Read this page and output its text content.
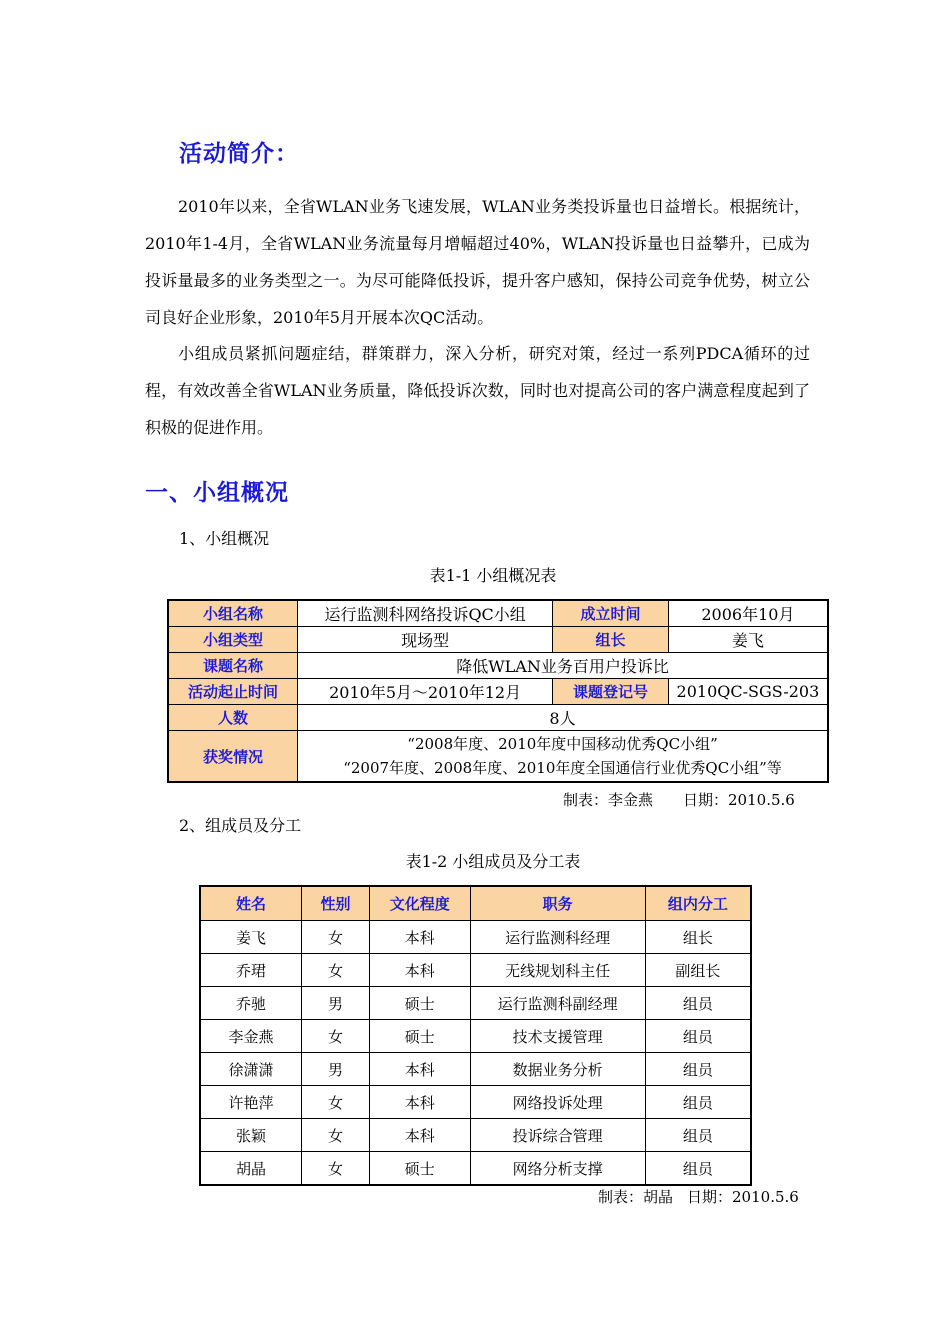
活动简介：
2010年以来，全省WLAN业务飞速发展，WLAN业务类投诉量也日益增长。根据统计，2010年1-4月，全省WLAN业务流量每月增幅超过40%，WLAN投诉量也日益攀升，已成为投诉量最多的业务类型之一。为尽可能降低投诉，提升客户感知，保持公司竞争优势，树立公司良好企业形象，2010年5月开展本次QC活动。
小组成员紧抓问题症结，群策群力，深入分析，研究对策，经过一系列PDCA循环的过程，有效改善全省WLAN业务质量，降低投诉次数，同时也对提高公司的客户满意程度起到了积极的促进作用。
一、小组概况
1、小组概况
表1-1 小组概况表
小组名称	运行监测科网络投诉QC小组	成立时间	2006年10月
小组类型	现场型	组长	姜飞
课题名称	降低WLAN业务百用户投诉比		
活动起止时间	2010年5月～2010年12月	课题登记号	2010QC-SGS-203
人数	8人		
获奖情况	“2008年度、2010年度中国移动优秀QC小组”
“2007年度、2008年度、2010年度全国通信行业优秀QC小组”等		
制表：李金燕 日期：2010.5.6
2、组成员及分工
表1-2 小组成员及分工表
姓名	性别	文化程度	职务	组内分工
姜飞	女	本科	运行监测科经理	组长
乔珺	女	本科	无线规划科主任	副组长
乔驰	男	硕士	运行监测科副经理	组员
李金燕	女	硕士	技术支援管理	组员
徐潇潇	男	本科	数据业务分析	组员
许艳萍	女	本科	网络投诉处理	组员
张颖	女	本科	投诉综合管理	组员
胡晶	女	硕士	网络分析支撑	组员
制表：胡晶 日期：2010.5.6
